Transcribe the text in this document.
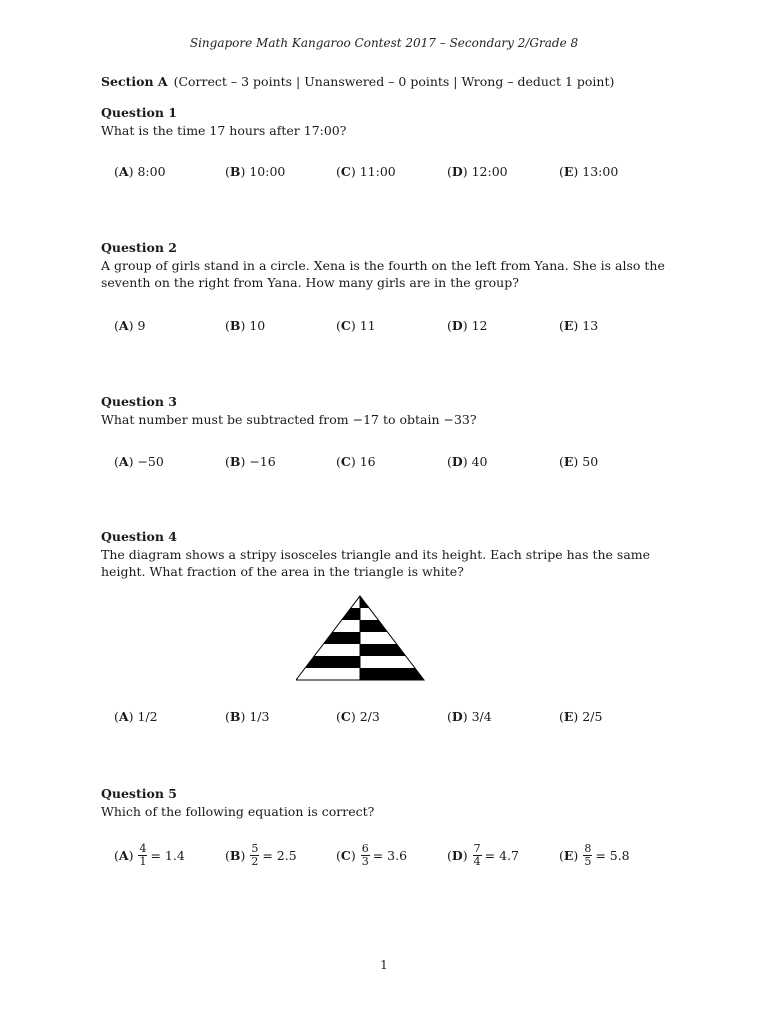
Singapore Math Kangaroo Contest 2017 – Secondary 2/Grade 8
Section A (Correct – 3 points | Unanswered – 0 points | Wrong – deduct 1 point)
Question 1
What is the time 17 hours after 17:00?
( A ) 8:00	( B ) 10:00	( C ) 11:00	( D ) 12:00	( E ) 13:00
Question 2
A group of girls stand in a circle. Xena is the fourth on the left from Yana. She is also the seventh on the right from Yana. How many girls are in the group?
( A ) 9	( B ) 10	( C ) 11	( D ) 12	( E ) 13
Question 3
What number must be subtracted from −17 to obtain −33?
( A ) −50	( B ) −16	( C ) 16	( D ) 40	( E ) 50
Question 4
The diagram shows a stripy isosceles triangle and its height. Each stripe has the same height. What fraction of the area in the triangle is white?
( A ) 1/2	( B ) 1/3	( C ) 2/3	( D ) 3/4	( E ) 2/5
Question 5
Which of the following equation is correct?
$(A) \frac{4}{1} = 1.4$	$(B) \frac{5}{2} = 2.5$	$(C) \frac{6}{3} = 3.6$	$(D) \frac{7}{4} = 4.7$	$(E) \frac{8}{5} = 5.8$
1
